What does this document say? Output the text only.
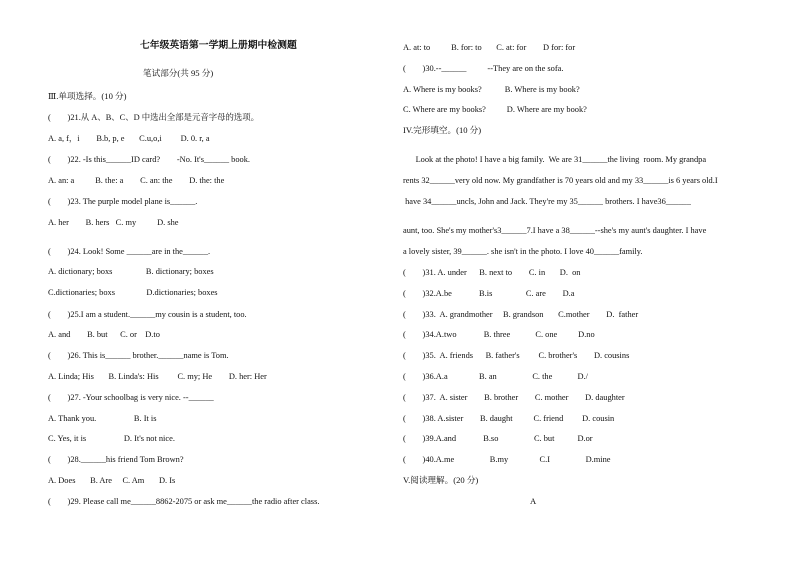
七年级英语第一学期上册期中检测题
笔试部分(共 95 分)
Ⅲ.单项选择。(10 分)
(        )21.从 A、B、C、D 中选出全部是元音字母的选项。
A. a, f，i        B.b, p, e       C.u,o,i         D. 0. r, a
(        )22. -Is this______ID card?        -No. It's______ book.
A. an: a          B. the: a        C. an: the        D. the: the
(        )23. The purple model plane is______.
A. her        B. hers   C. my          D. she
(        )24. Look! Some ______are in the______.
A. dictionary; boxs                B. dictionary; boxes
C.dictionaries; boxs               D.dictionaries; boxes
(        )25.I am a student.______my cousin is a student, too.
A. and        B. but      C. or    D.to
(        )26. This is______ brother.______name is Tom.
A. Linda; His       B. Linda's: His         C. my; He        D. her: Her
(        )27. -Your schoolbag is very nice. --______
A. Thank you.                  B. It is
C. Yes, it is                  D. It's not nice.
(        )28.______his friend Tom Brown?
A. Does       B. Are     C. Am       D. Is
(        )29. Please call me______8862-2075 or ask me______the radio after class.
A. at: to          B. for: to       C. at: for        D for: for
(        )30.--______          --They are on the sofa.
A. Where is my books?           B. Where is my book?
C. Where are my books?          D. Where are my book?
IV.完形填空。(10 分)
Look at the photo! I have a big family.  We are 31______the living  room. My grandpa
rents 32______very old now. My grandfather is 70 years old and my 33______is 6 years old.I
have 34______uncls, John and Jack. They're my 35______ brothers. I have36______
aunt, too. She's my mother's3______7.I have a 38______--she's my aunt's daughter. I have
a lovely sister, 39______. she isn't in the photo. I love 40______family.
(        )31. A. under      B. next to        C. in       D.  on
(        )32.A.be             B.is                C. are        D.a
(        )33.  A. grandmother     B. grandson       C.mother        D.  father
(        )34.A.two             B. three            C. one          D.no
(        )35.  A. friends      B. father's         C. brother's        D. cousins
(        )36.A.a               B. an                 C. the            D./
(        )37.  A. sister        B. brother        C. mother        D. daughter
(        )38. A.sister        B. daught          C. friend         D. cousin
(        )39.A.and             B.so                 C. but           D.or
(        )40.A.me                 B.my               C.I                 D.mine
V.阅读理解。(20 分)
A
